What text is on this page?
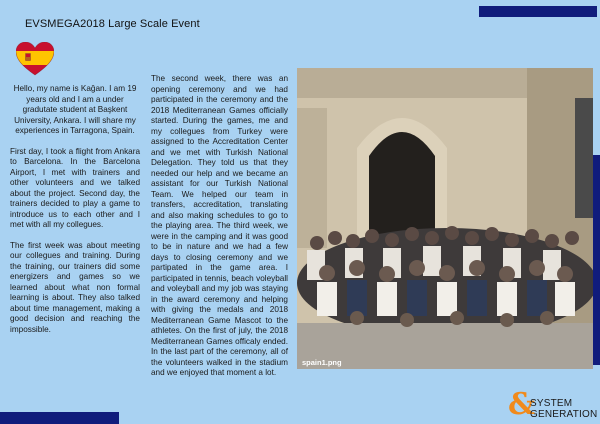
EVSMEGA2018 Large Scale Event

Hello, my name is Kağan. I am 19 years old and I am a under gradutate student at Başkent University, Ankara. I will share my experiences in Tarragona, Spain.

First day, I took a flight from Ankara to Barcelona. In the Barcelona Airport, I met with trainers and other volunteers and we talked about the project. Second day, the trainers decided to play a game to introduce us to each other and I met with all my collegues.

The first week was about meeting our collegues and training. During the training, our trainers did some energizers and games so we learned about what non formal learning is about. They also talked about time management, making a good decision and reaching the impossible.

The second week, there was an opening ceremony and we had participated in the ceremony and the 2018 Mediterranean Games officially started. During the games, me and my collegues from Turkey were assigned to the Accreditation Center and we met with Turkish National Delegation. They told us that they needed our help and we became an assistant for our Turkish National Team. We helped our team in transfers, accreditation, translating and also making schedules to go to the playing area. The third week, we were in the camping and it was good to be in nature and we had a few days to closing ceremony and we partipated in the game area. I participated in tennis, beach voleyball and voleyball and my job was staying in the award ceremony and helping with giving the medals and 2018 Mediterranean Game Mascot to the athletes. On the first of july, the 2018 Mediterranean Games officaly ended. In the last part of the ceremony, all of the volunteers walked in the stadium and we enjoyed that moment a lot.

spain1.png
&
SYSTEM
GENERATION
